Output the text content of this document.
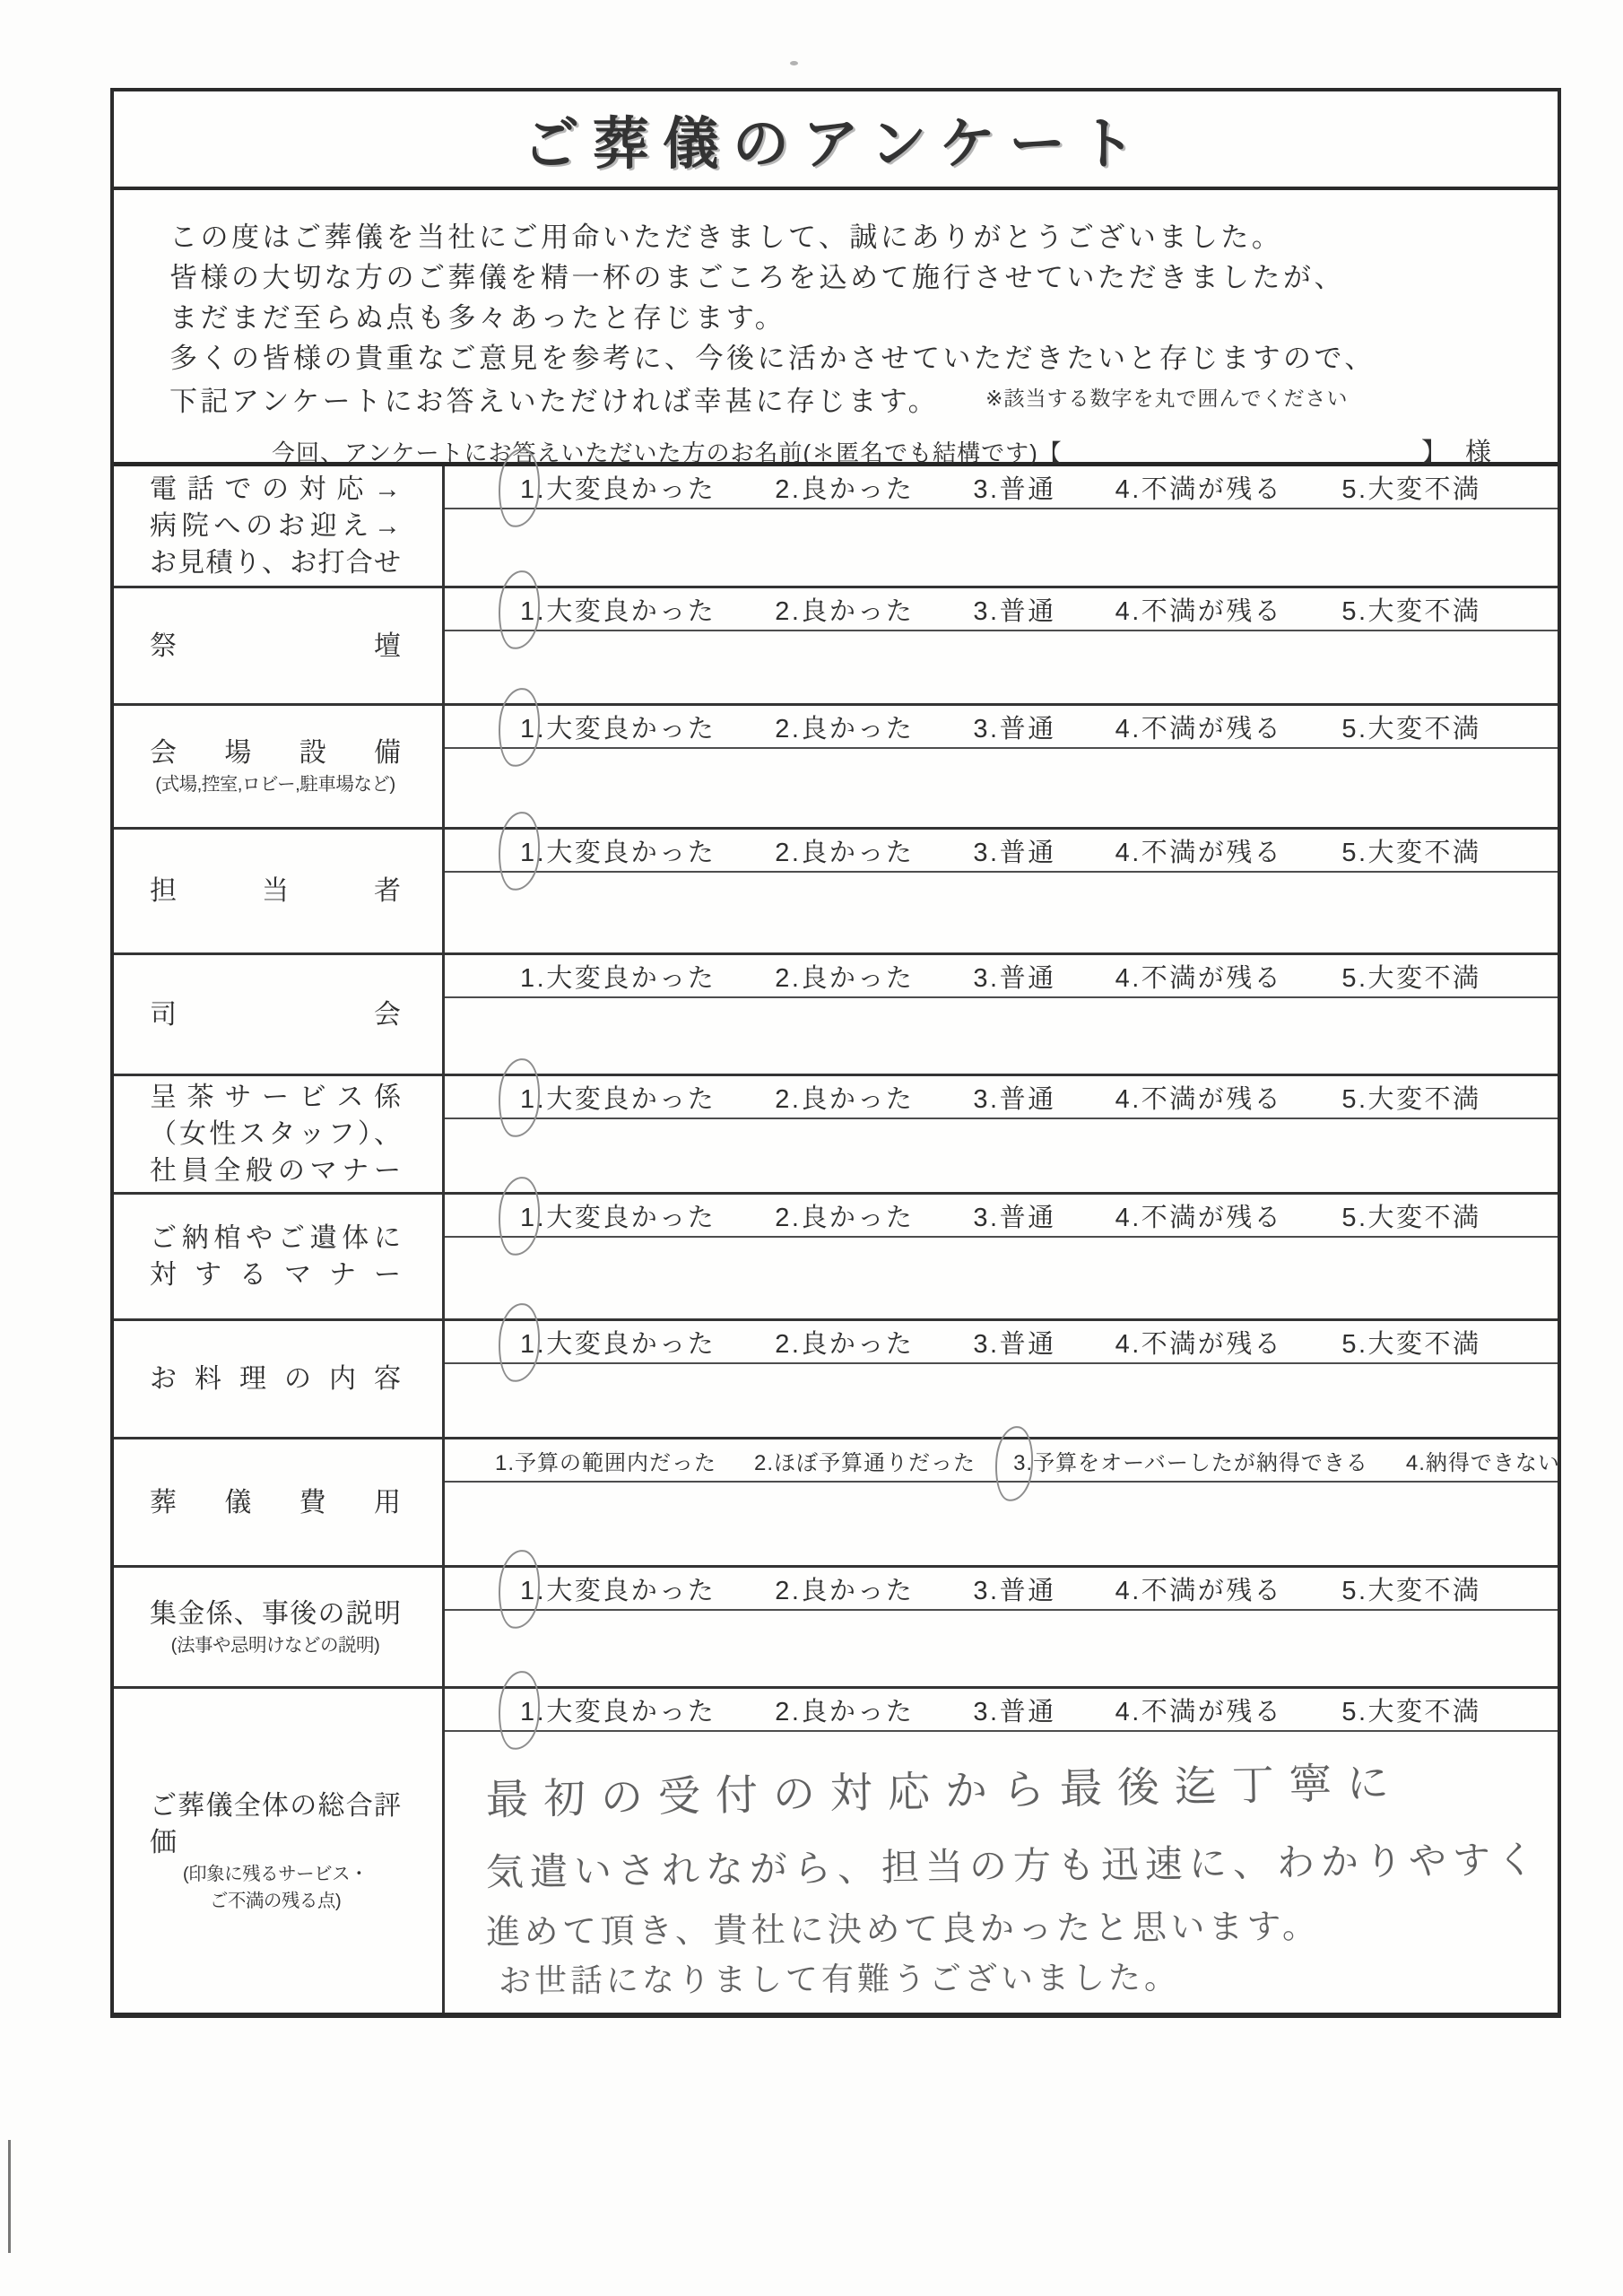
ご葬儀のアンケート
この度はご葬儀を当社にご用命いただきまして、誠にありがとうございました。
皆様の大切な方のご葬儀を精一杯のまごころを込めて施行させていただきましたが、
まだまだ至らぬ点も多々あったと存じます。
多くの皆様の貴重なご意見を参考に、今後に活かさせていただきたいと存じますので、
下記アンケートにお答えいただければ幸甚に存じます。 ※該当する数字を丸で囲んでください
今回、アンケートにお答えいただいた方のお名前(＊匿名でも結構です)【	】 様
電話での対応→
病院へのお迎え→
お見積り、お打合せ
1.大変良かった 2.良かった 3.普通 4.不満が残る 5.大変不満
祭壇
1.大変良かった 2.良かった 3.普通 4.不満が残る 5.大変不満
会場設備
(式場,控室,ロビー,駐車場など)
1.大変良かった 2.良かった 3.普通 4.不満が残る 5.大変不満
担当者
1.大変良かった 2.良かった 3.普通 4.不満が残る 5.大変不満
司会
1.大変良かった 2.良かった 3.普通 4.不満が残る 5.大変不満
呈茶サービス係
（女性スタッフ）、
社員全般のマナー
1.大変良かった 2.良かった 3.普通 4.不満が残る 5.大変不満
ご納棺やご遺体に
対するマナー
1.大変良かった 2.良かった 3.普通 4.不満が残る 5.大変不満
お料理の内容
1.大変良かった 2.良かった 3.普通 4.不満が残る 5.大変不満
葬儀費用
1.予算の範囲内だった 2.ほぼ予算通りだった 3.予算をオーバーしたが納得できる 4.納得できない
集金係、事後の説明
(法事や忌明けなどの説明)
1.大変良かった 2.良かった 3.普通 4.不満が残る 5.大変不満
ご葬儀全体の総合評価
(印象に残るサービス・
ご不満の残る点)
1.大変良かった 2.良かった 3.普通 4.不満が残る 5.大変不満
最初の受付の対応から最後迄丁寧に
気遣いされながら、担当の方も迅速に、わかりやすく
進めて頂き、貴社に決めて良かったと思います。
お世話になりまして有難うございました。
